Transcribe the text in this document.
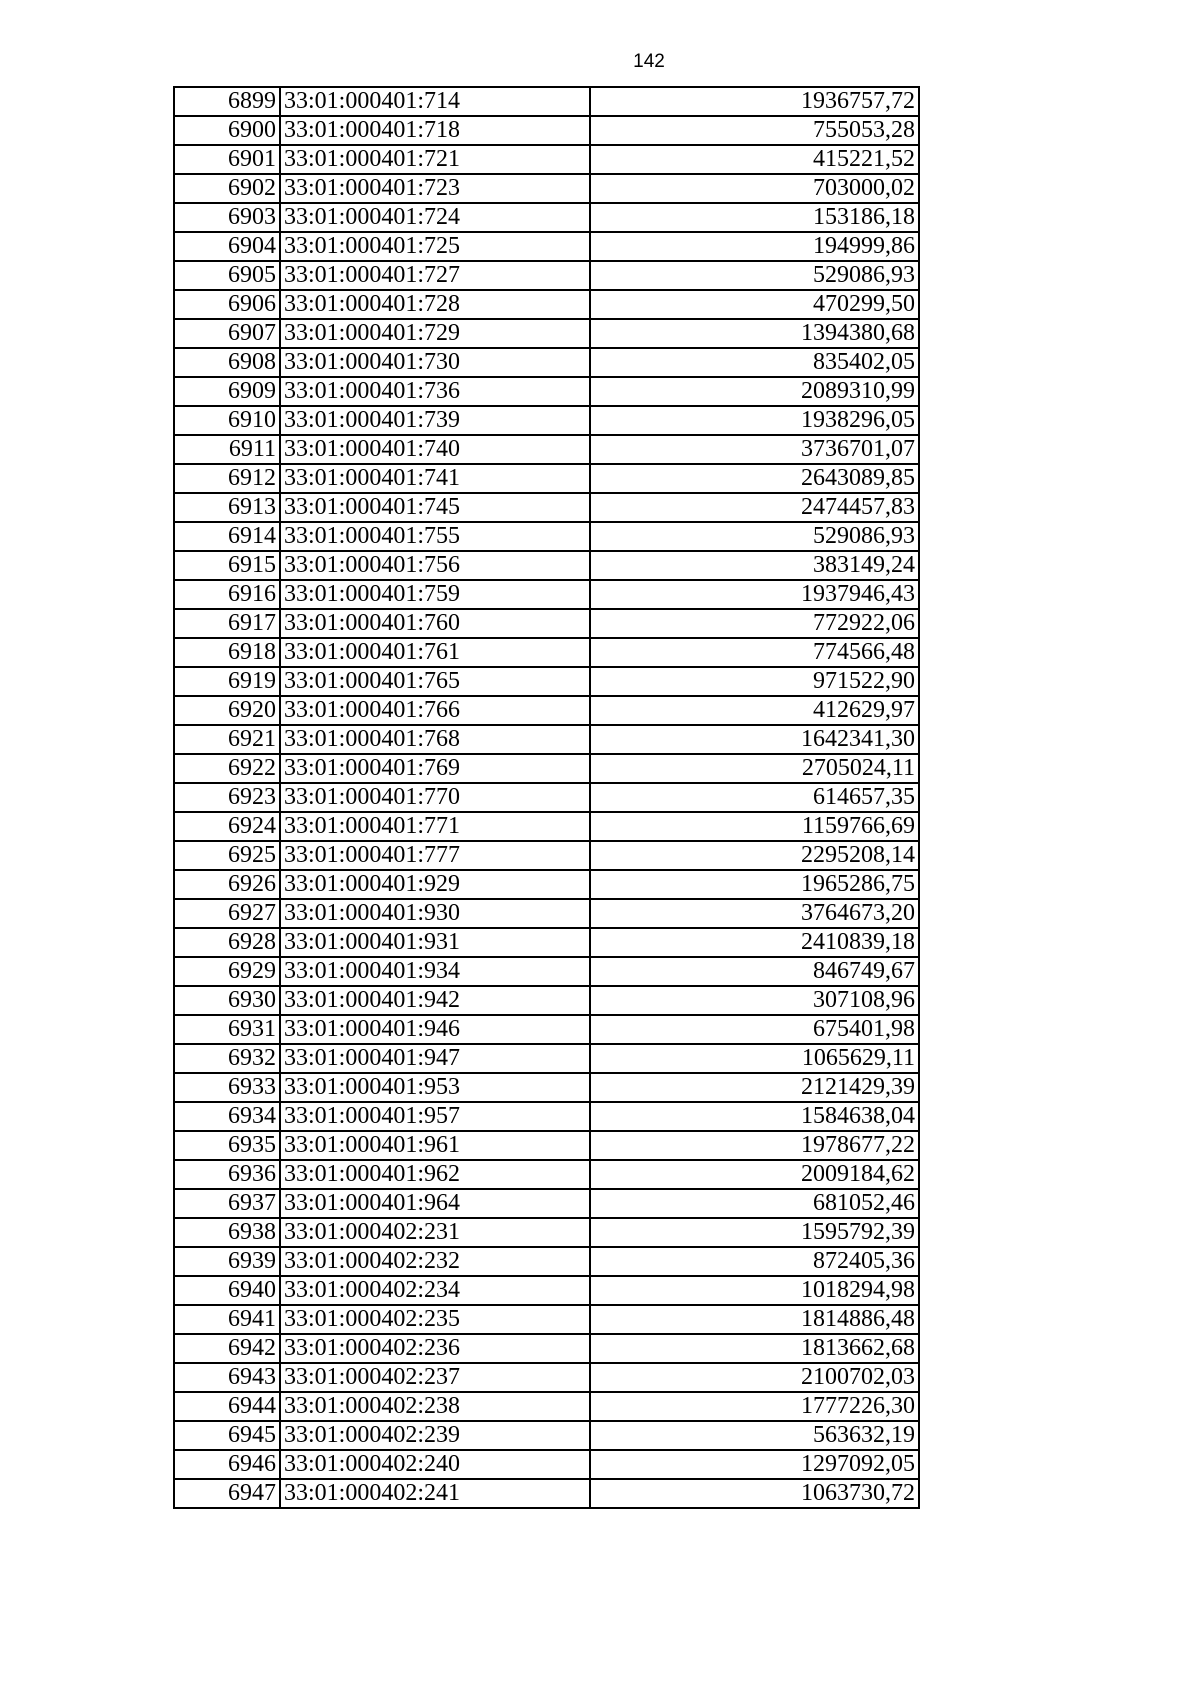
142
6899	33:01:000401:714	1936757,72
6900	33:01:000401:718	755053,28
6901	33:01:000401:721	415221,52
6902	33:01:000401:723	703000,02
6903	33:01:000401:724	153186,18
6904	33:01:000401:725	194999,86
6905	33:01:000401:727	529086,93
6906	33:01:000401:728	470299,50
6907	33:01:000401:729	1394380,68
6908	33:01:000401:730	835402,05
6909	33:01:000401:736	2089310,99
6910	33:01:000401:739	1938296,05
6911	33:01:000401:740	3736701,07
6912	33:01:000401:741	2643089,85
6913	33:01:000401:745	2474457,83
6914	33:01:000401:755	529086,93
6915	33:01:000401:756	383149,24
6916	33:01:000401:759	1937946,43
6917	33:01:000401:760	772922,06
6918	33:01:000401:761	774566,48
6919	33:01:000401:765	971522,90
6920	33:01:000401:766	412629,97
6921	33:01:000401:768	1642341,30
6922	33:01:000401:769	2705024,11
6923	33:01:000401:770	614657,35
6924	33:01:000401:771	1159766,69
6925	33:01:000401:777	2295208,14
6926	33:01:000401:929	1965286,75
6927	33:01:000401:930	3764673,20
6928	33:01:000401:931	2410839,18
6929	33:01:000401:934	846749,67
6930	33:01:000401:942	307108,96
6931	33:01:000401:946	675401,98
6932	33:01:000401:947	1065629,11
6933	33:01:000401:953	2121429,39
6934	33:01:000401:957	1584638,04
6935	33:01:000401:961	1978677,22
6936	33:01:000401:962	2009184,62
6937	33:01:000401:964	681052,46
6938	33:01:000402:231	1595792,39
6939	33:01:000402:232	872405,36
6940	33:01:000402:234	1018294,98
6941	33:01:000402:235	1814886,48
6942	33:01:000402:236	1813662,68
6943	33:01:000402:237	2100702,03
6944	33:01:000402:238	1777226,30
6945	33:01:000402:239	563632,19
6946	33:01:000402:240	1297092,05
6947	33:01:000402:241	1063730,72
